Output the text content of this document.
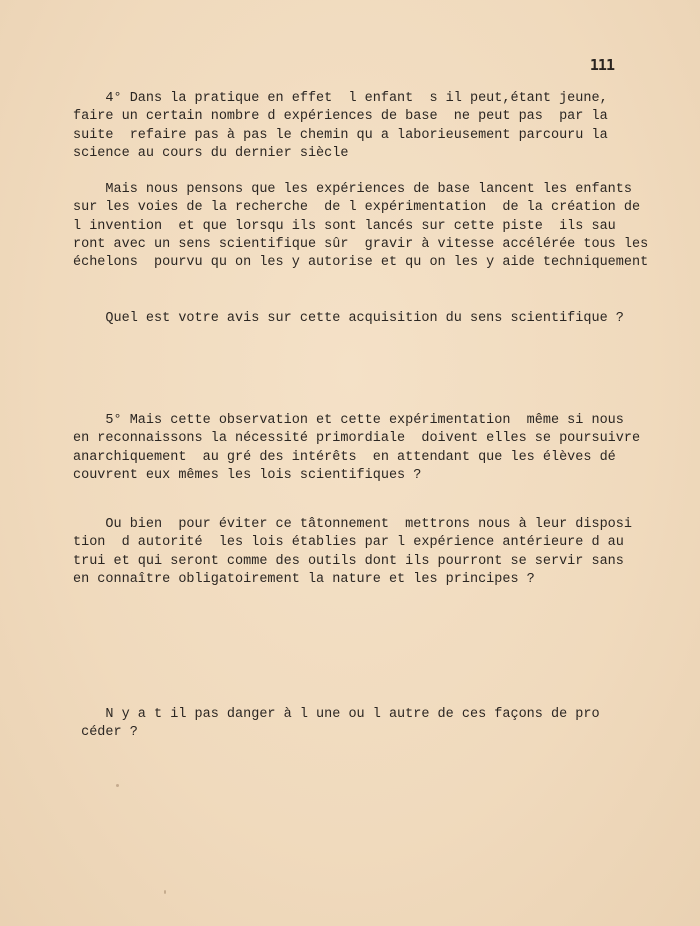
111

4° Dans la pratique en effet  l enfant  s il peut,étant jeune,
faire un certain nombre d expériences de base  ne peut pas  par la
suite  refaire pas à pas le chemin qu a laborieusement parcouru la
science au cours du dernier siècle

Mais nous pensons que les expériences de base lancent les enfants
sur les voies de la recherche  de l expérimentation  de la création de
l invention  et que lorsqu ils sont lancés sur cette piste  ils sau
ront avec un sens scientifique sûr  gravir à vitesse accélérée tous les
échelons  pourvu qu on les y autorise et qu on les y aide techniquement

Quel est votre avis sur cette acquisition du sens scientifique ?

5° Mais cette observation et cette expérimentation  même si nous
en reconnaissons la nécessité primordiale  doivent elles se poursuivre
anarchiquement  au gré des intérêts  en attendant que les élèves dé
couvrent eux mêmes les lois scientifiques ?

Ou bien  pour éviter ce tâtonnement  mettrons nous à leur disposi
tion  d autorité  les lois établies par l expérience antérieure d au
trui et qui seront comme des outils dont ils pourront se servir sans
en connaître obligatoirement la nature et les principes ?

N y a t il pas danger à l une ou l autre de ces façons de pro
céder ?
